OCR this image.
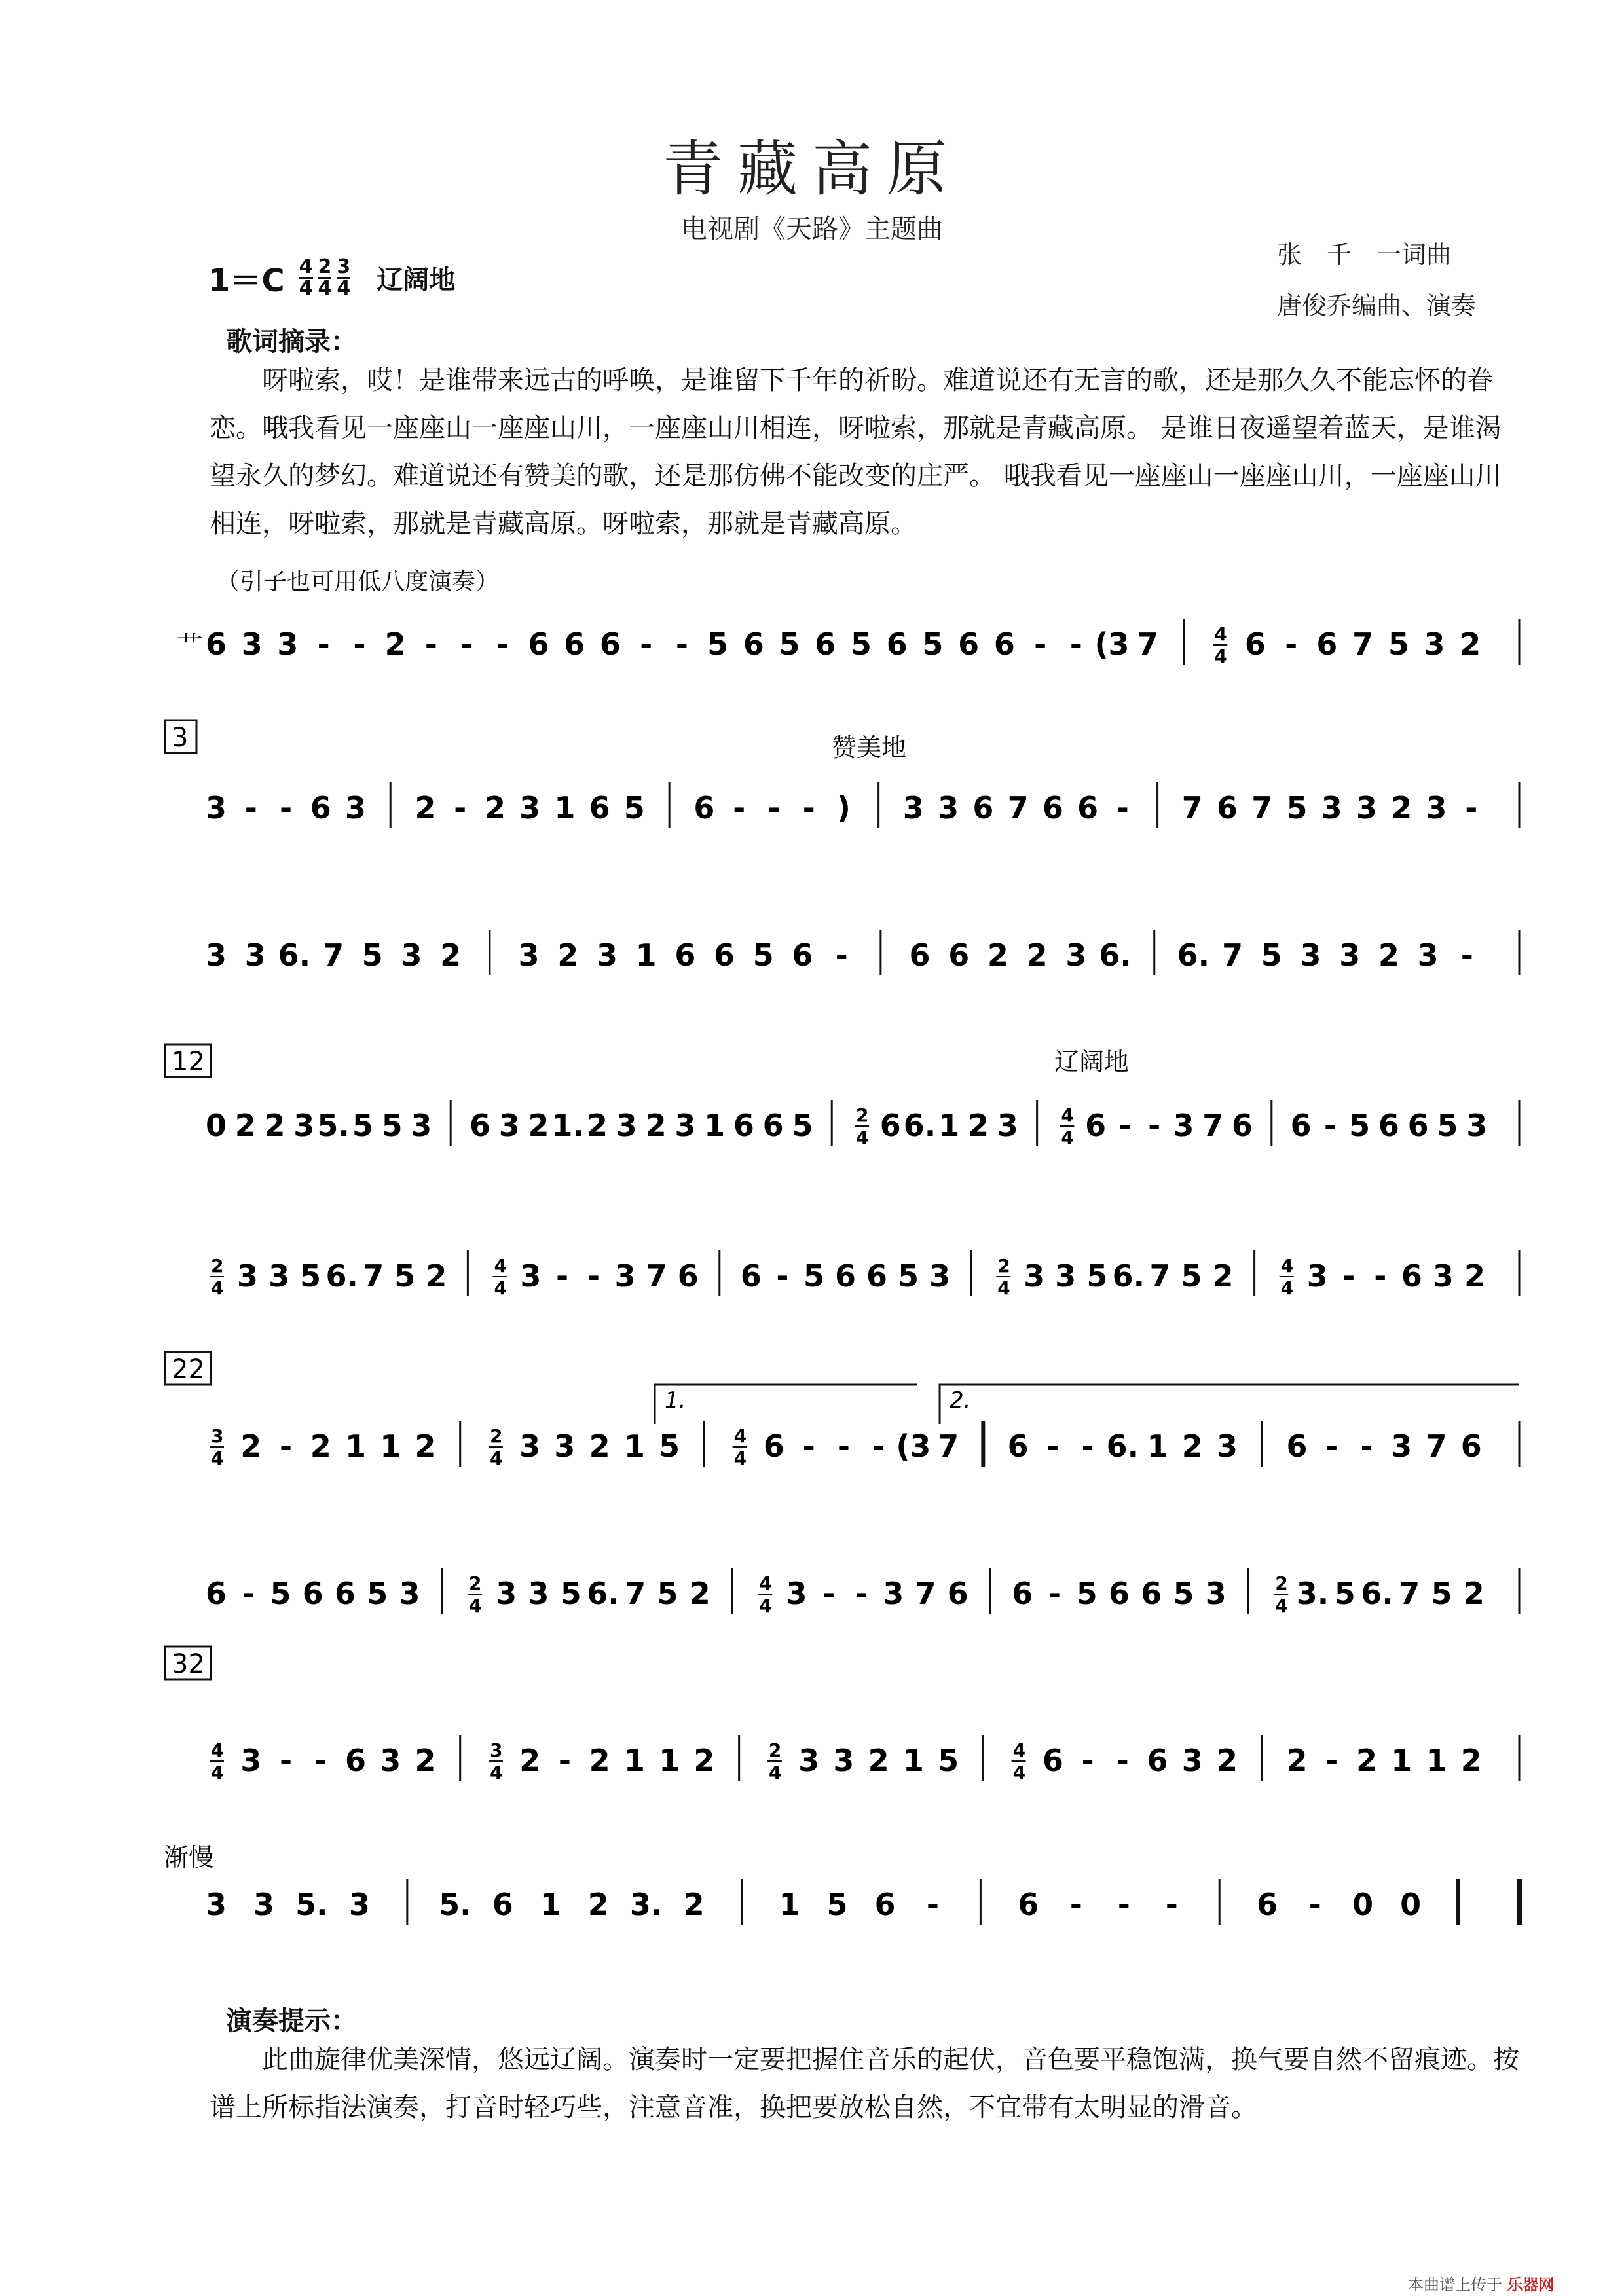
青藏高原
电视剧《天路》主题曲
1＝C 4
4
2
4
3
4 辽阔地
张　千　一词曲
唐俊乔编曲、演奏
歌词摘录：

呀啦索，哎！是谁带来远古的呼唤，是谁留下千年的祈盼。难道说还有无言的歌，还是那久久不能忘怀的眷恋。哦我看见一座座山一座座山川，一座座山川相连，呀啦索，那就是青藏高原。 是谁日夜遥望着蓝天，是谁渴望永久的梦幻。难道说还有赞美的歌，还是那仿佛不能改变的庄严。 哦我看见一座座山一座座山川，一座座山川相连，呀啦索，那就是青藏高原。呀啦索，那就是青藏高原。

（引子也可用低八度演奏）
艹
3
12
22
32
赞美地
辽阔地
渐慢
1.	2.
6 3 3 - - 2 - - - 6 6 6 - - 5 6 5 6 5 6 5 6 6 - - (3 7	4
4 6 - 6 7 5 3 2
3 - - 6 3 2 - 2 3 1 6 5 6 - - - ) 3 3 6 7 6 6 - 7 6 7 5 3 3 2 3 -
3 3 6. 7 5 3 2 3 2 3 1 6 6 5 6 - 6 6 2 2 3 6. 6. 7 5 3 3 2 3 -
0 2 2 3 5. 5 5 3 6 3 2 1. 2 3 2 3 1 6 6 5 2
4 6 6. 1 2 3 4
4 6 - - 3 7 6 6 - 5 6 6 5 3
2
4 3 3 5 6. 7 5 2	4
4 3 - - 3 7 6 6 - 5 6 6 5 3	2
4 3 3 5 6. 7 5 2	4
4 3 - - 6 3 2
3
4 2 - 2 1 1 2	2
4 3 3 2 1 5	4
4 6 - - - (3 7 6 - - 6. 1 2 3 6 - - 3 7 6
6 - 5 6 6 5 3	2
4 3 3 5 6. 7 5 2	4
4 3 - - 3 7 6 6 - 5 6 6 5 3	2
4 3. 5 6. 7 5 2
4
4 3 - - 6 3 2	3
4 2 - 2 1 1 2	2
4 3 3 2 1 5	4
4 6 - - 6 3 2 2 - 2 1 1 2
3 3 5. 3 5. 6 1 2 3. 2 1 5 6 -	6 - - -	6 - 0 0
演奏提示：

此曲旋律优美深情，悠远辽阔。演奏时一定要把握住音乐的起伏，音色要平稳饱满，换气要自然不留痕迹。按谱上所标指法演奏，打音时轻巧些，注意音准，换把要放松自然，不宜带有太明显的滑音。

本曲谱上传于 乐器网
